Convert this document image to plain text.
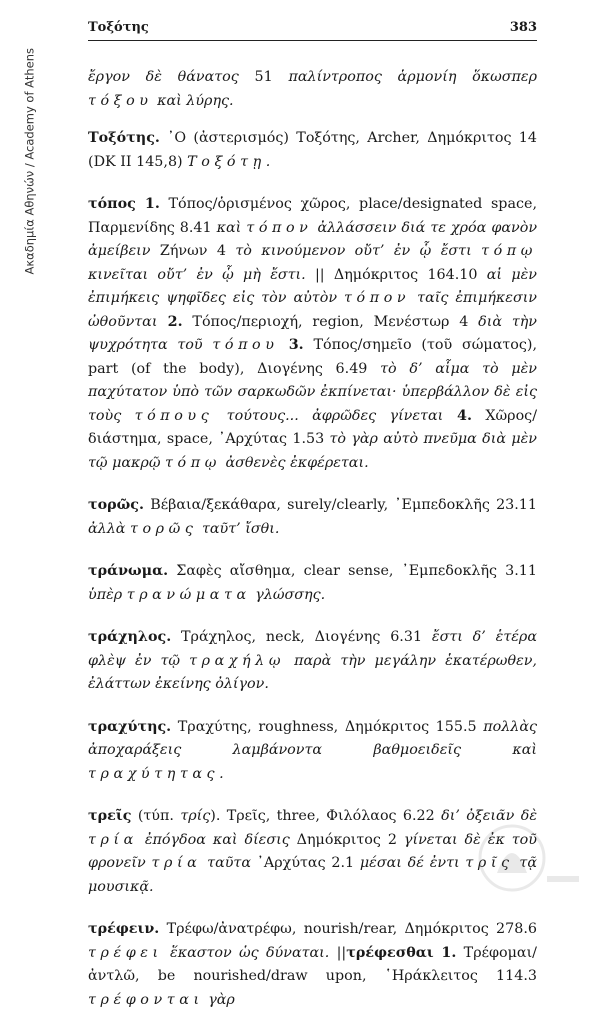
Ακαδημία Αθηνών / Academy of Athens
Τοξότης	383

ἔργον δὲ θάνατος 51 παλίντροπος ἁρμονίη ὅκωσπερ τόξου καὶ λύρης.

Τοξότης. ᾿Ο (ἀστερισμός) Τοξότης, Archer, Δημόκριτος 14 (DK II 145,8) Τοξότῃ.

τόπος 1. Τόπος/ὁρισμένος χῶρος, place/designated space, Παρμενίδης 8.41 καὶ τόπον ἀλλάσσειν διά τε χρόα φανὸν ἀμείβειν Ζήνων 4 τὸ κινούμενον οὔτ’ ἐν ᾧ ἔστι τόπῳ κινεῖται οὔτ’ ἐν ᾧ μὴ ἔστι. || Δημόκριτος 164.10 αἱ μὲν ἐπιμήκεις ψηφῖδες εἰς τὸν αὐτὸν τόπον ταῖς ἐπιμήκεσιν ὠθοῦνται 2. Τόπος/περιοχή, region, Μενέστωρ 4 διὰ τὴν ψυχρότητα τοῦ τόπου 3. Τόπος/σημεῖο (τοῦ σώματος), part (of the body), Διογένης 6.49 τὸ δ’ αἷμα τὸ μὲν παχύτατον ὑπὸ τῶν σαρκωδῶν ἐκπίνεται· ὑπερβάλλον δὲ εἰς τοὺς τόπους τούτους... ἀφρῶδες γίνεται 4. Χῶρος/διάστημα, space, ᾿Αρχύτας 1.53 τὸ γὰρ αὐτὸ πνεῦμα διὰ μὲν τῷ μακρῷ τόπῳ ἀσθενὲς ἐκφέρεται.

τορῶς. Βέβαια/ξεκάθαρα, surely/clearly, ᾿Εμπεδοκλῆς 23.11 ἀλλὰ τορῶς ταῦτ’ ἴσθι.

τράνωμα. Σαφὲς αἴσθημα, clear sense, ᾿Εμπεδοκλῆς 3.11 ὑπὲρ τρανώματα γλώσσης.

τράχηλος. Τράχηλος, neck, Διογένης 6.31 ἔστι δ’ ἑτέρα φλὲψ ἐν τῷ τραχήλῳ παρὰ τὴν μεγάλην ἑκατέρωθεν, ἐλάττων ἐκείνης ὀλίγον.

τραχύτης. Τραχύτης, roughness, Δημόκριτος 155.5 πολλὰς ἀποχαράξεις λαμβάνοντα βαθμοειδεῖς καὶ τραχύτητας.

τρεῖς (τύπ. τρίς). Τρεῖς, three, Φιλόλαος 6.22 δι’ ὀξειᾶν δὲ τρία ἐπόγδοα καὶ δίεσις Δημόκριτος 2 γίνεται δὲ ἐκ τοῦ φρονεῖν τρία ταῦτα ᾿Αρχύτας 2.1 μέσαι δέ ἐντι τρῖς τᾷ μουσικᾷ.

τρέφειν. Τρέφω/ἀνατρέφω, nourish/rear, Δημόκριτος 278.6 τρέφει ἕκαστον ὡς δύναται. ||τρέφεσθαι 1. Τρέφομαι/ἀντλῶ, be nourished/draw upon, ῾Ηράκλειτος 114.3 τρέφονται γὰρ
